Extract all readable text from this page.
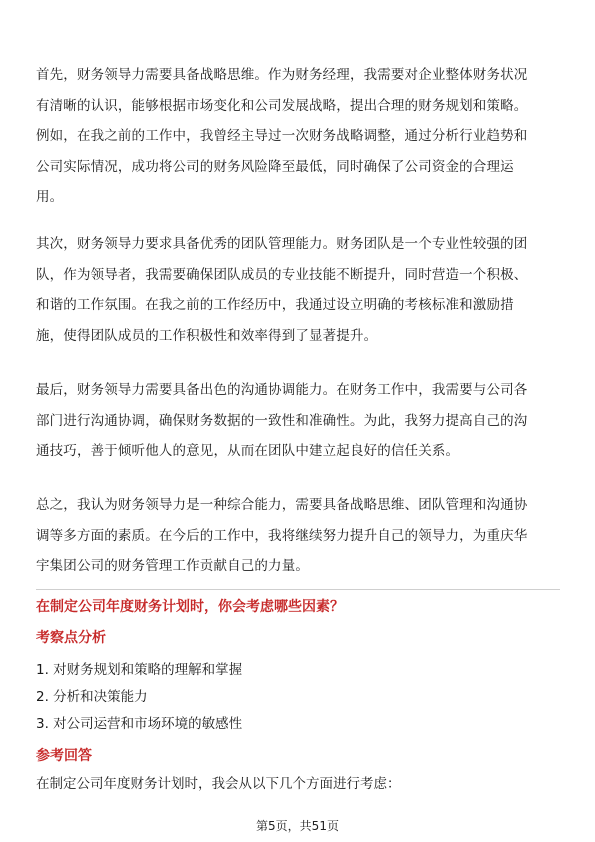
首先，财务领导力需要具备战略思维。作为财务经理，我需要对企业整体财务状况
有清晰的认识，能够根据市场变化和公司发展战略，提出合理的财务规划和策略。
例如，在我之前的工作中，我曾经主导过一次财务战略调整，通过分析行业趋势和
公司实际情况，成功将公司的财务风险降至最低，同时确保了公司资金的合理运
用。
其次，财务领导力要求具备优秀的团队管理能力。财务团队是一个专业性较强的团
队，作为领导者，我需要确保团队成员的专业技能不断提升，同时营造一个积极、
和谐的工作氛围。在我之前的工作经历中，我通过设立明确的考核标准和激励措
施，使得团队成员的工作积极性和效率得到了显著提升。
最后，财务领导力需要具备出色的沟通协调能力。在财务工作中，我需要与公司各
部门进行沟通协调，确保财务数据的一致性和准确性。为此，我努力提高自己的沟
通技巧，善于倾听他人的意见，从而在团队中建立起良好的信任关系。
总之，我认为财务领导力是一种综合能力，需要具备战略思维、团队管理和沟通协
调等多方面的素质。在今后的工作中，我将继续努力提升自己的领导力，为重庆华
宇集团公司的财务管理工作贡献自己的力量。
在制定公司年度财务计划时，你会考虑哪些因素？
考察点分析
1. 对财务规划和策略的理解和掌握
2. 分析和决策能力
3. 对公司运营和市场环境的敏感性
参考回答
在制定公司年度财务计划时，我会从以下几个方面进行考虑：
第5页，共51页
